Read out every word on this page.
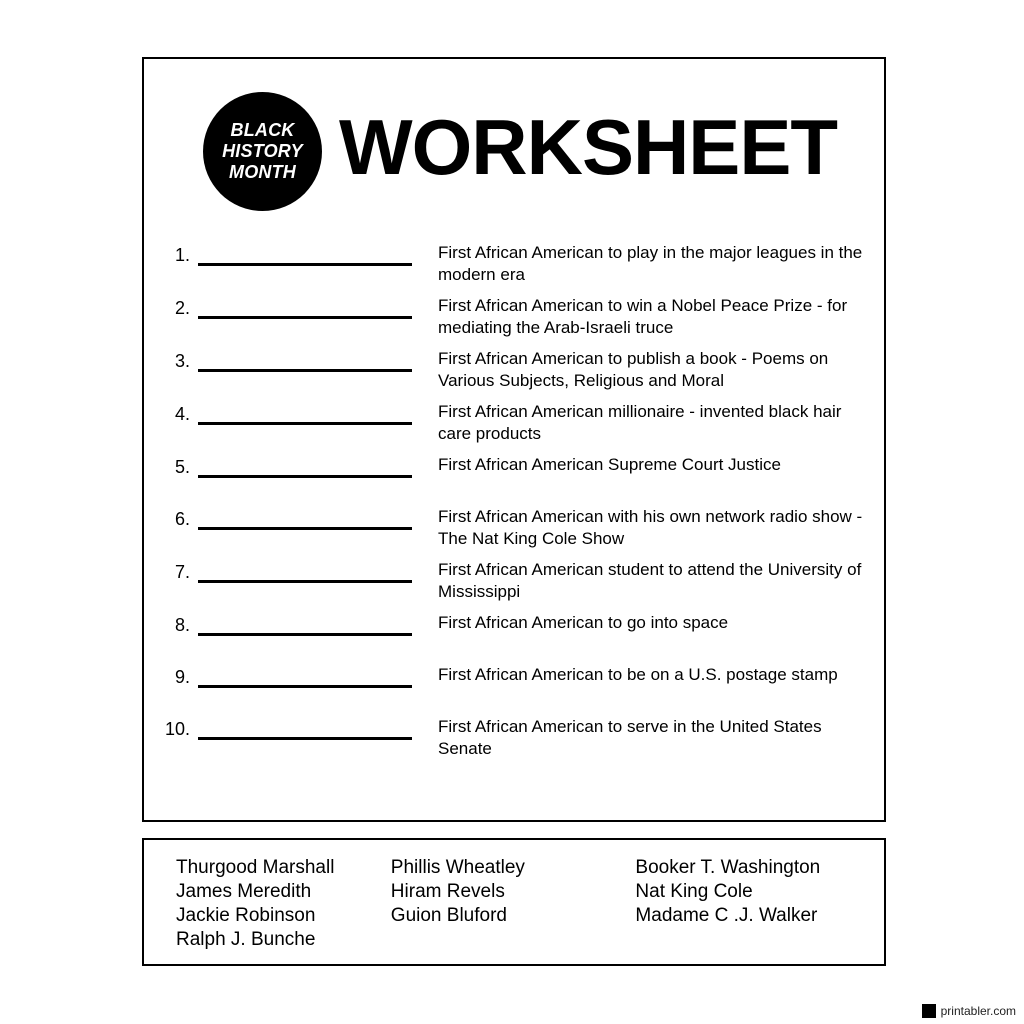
BLACK
HISTORY
MONTH WORKSHEET
1.	First African American to play in the major leagues in the modern era
2.	First African American to win a Nobel Peace Prize - for mediating the Arab-Israeli truce
3.	First African American to publish a book - Poems on Various Subjects, Religious and Moral
4.	First African American millionaire - invented black hair care products
5.	First African American Supreme Court Justice
6.	First African American with his own network radio show - The Nat King Cole Show
7.	First African American student to attend the University of Mississippi
8.	First African American to go into space
9.	First African American to be on a U.S. postage stamp
10.	First African American to serve in the United States Senate
Thurgood Marshall
James Meredith
Jackie Robinson
Ralph J. Bunche
Phillis Wheatley
Hiram Revels
Guion Bluford
Booker T. Washington
Nat King Cole
Madame C .J. Walker
printabler.com
